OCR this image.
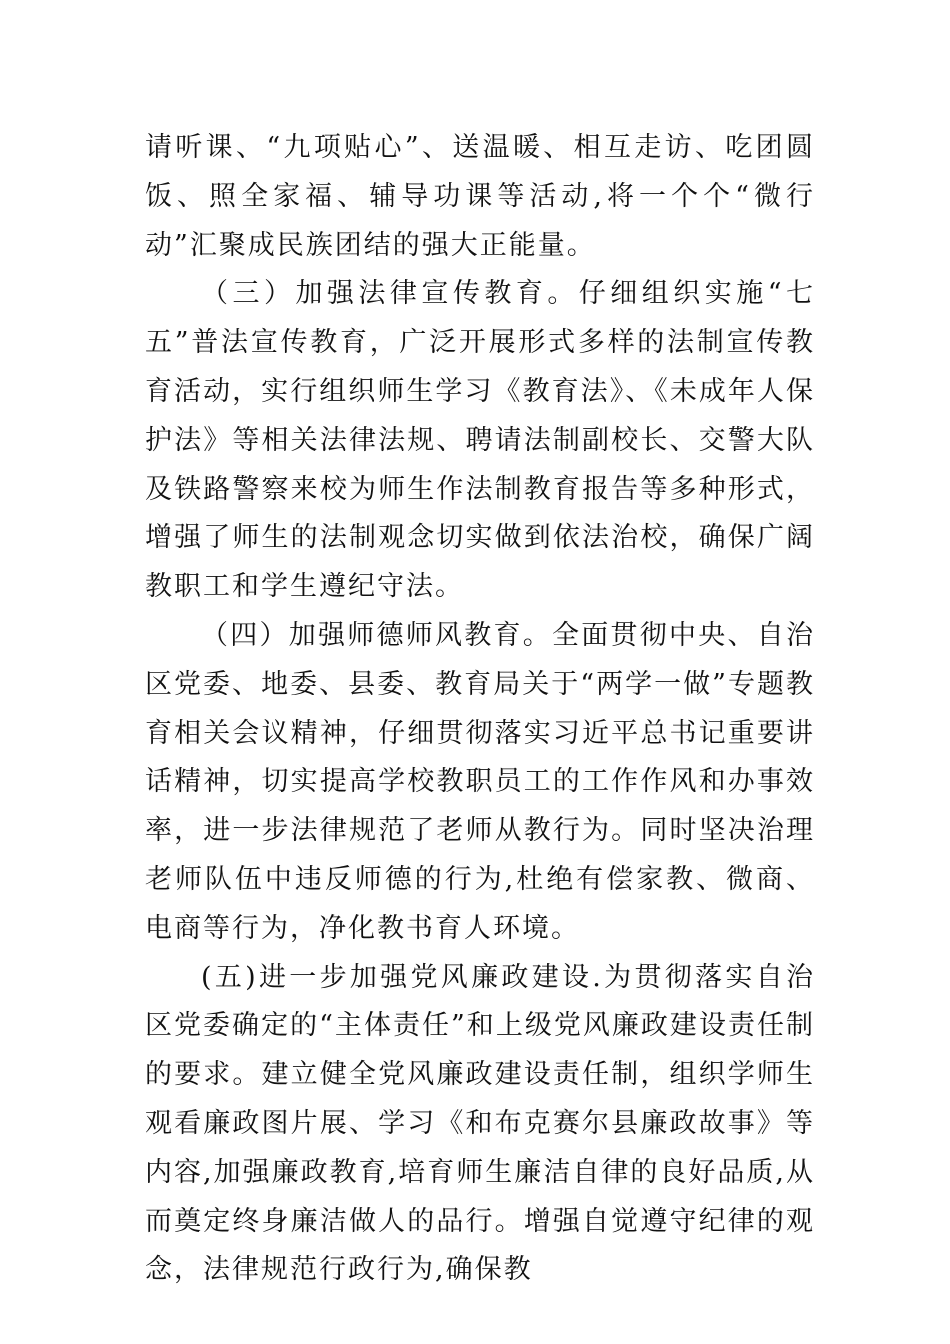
请听课、“九项贴心”、送温暖、相互走访、吃团圆饭、照全家福、辅导功课等活动,将一个个“微行动”汇聚成民族团结的强大正能量。

（三）加强法律宣传教育。仔细组织实施“七五”普法宣传教育，广泛开展形式多样的法制宣传教育活动，实行组织师生学习《教育法》、《未成年人保护法》等相关法律法规、聘请法制副校长、交警大队及铁路警察来校为师生作法制教育报告等多种形式，增强了师生的法制观念切实做到依法治校，确保广阔教职工和学生遵纪守法。

（四）加强师德师风教育。全面贯彻中央、自治区党委、地委、县委、教育局关于“两学一做”专题教育相关会议精神，仔细贯彻落实习近平总书记重要讲话精神，切实提高学校教职员工的工作作风和办事效率，进一步法律规范了老师从教行为。同时坚决治理老师队伍中违反师德的行为,杜绝有偿家教、微商、电商等行为，净化教书育人环境。

(五)进一步加强党风廉政建设.为贯彻落实自治区党委确定的“主体责任”和上级党风廉政建设责任制的要求。建立健全党风廉政建设责任制，组织学师生观看廉政图片展、学习《和布克赛尔县廉政故事》等内容,加强廉政教育,培育师生廉洁自律的良好品质,从而奠定终身廉洁做人的品行。增强自觉遵守纪律的观念，法律规范行政行为,确保教
